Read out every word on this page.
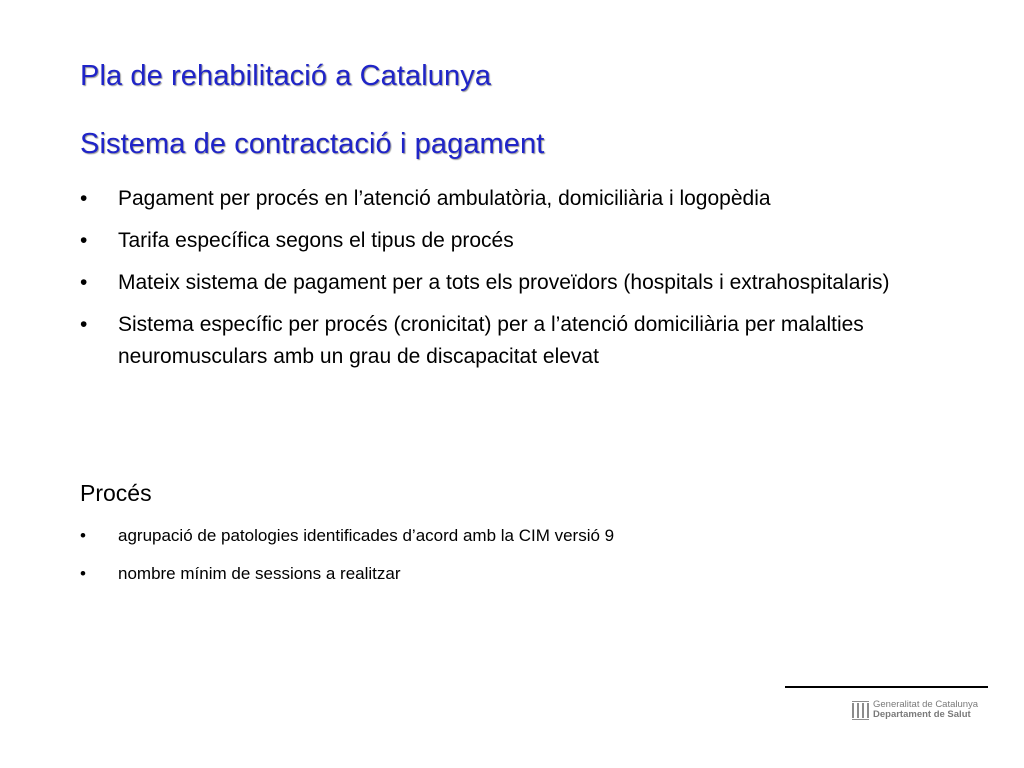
Pla de rehabilitació a Catalunya
Sistema de contractació i pagament
• Pagament per procés en l’atenció ambulatòria, domiciliària i logopèdia
• Tarifa específica segons el tipus de procés
• Mateix sistema de pagament per a tots els proveïdors (hospitals i extrahospitalaris)
• Sistema específic per procés (cronicitat) per a l’atenció domiciliària per malalties neuromusculars amb un grau de discapacitat elevat
Procés
• agrupació de patologies identificades d’acord amb la CIM versió 9
• nombre mínim de sessions a realitzar
Generalitat de Catalunya
Departament de Salut
